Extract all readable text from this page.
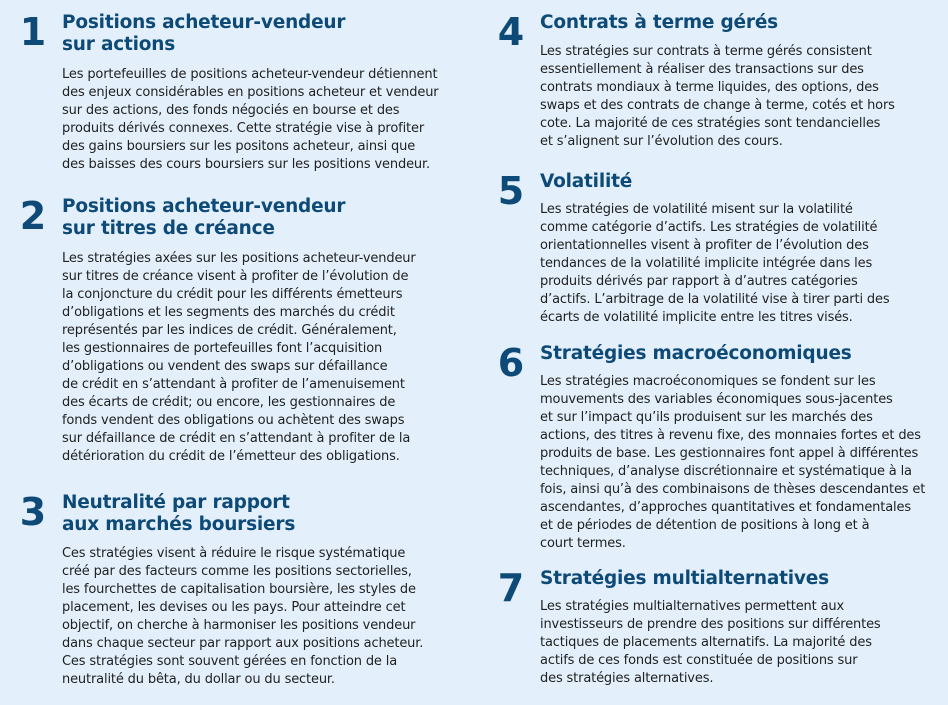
1 Positions acheteur-vendeur
sur actions
Les portefeuilles de positions acheteur-vendeur détiennent
des enjeux considérables en positions acheteur et vendeur
sur des actions, des fonds négociés en bourse et des
produits dérivés connexes. Cette stratégie vise à profiter
des gains boursiers sur les positons acheteur, ainsi que
des baisses des cours boursiers sur les positions vendeur.
2 Positions acheteur-vendeur
sur titres de créance
Les stratégies axées sur les positions acheteur-vendeur
sur titres de créance visent à profiter de l’évolution de
la conjoncture du crédit pour les différents émetteurs
d’obligations et les segments des marchés du crédit
représentés par les indices de crédit. Généralement,
les gestionnaires de portefeuilles font l’acquisition
d’obligations ou vendent des swaps sur défaillance
de crédit en s’attendant à profiter de l’amenuisement
des écarts de crédit; ou encore, les gestionnaires de
fonds vendent des obligations ou achètent des swaps
sur défaillance de crédit en s’attendant à profiter de la
détérioration du crédit de l’émetteur des obligations.
3 Neutralité par rapport
aux marchés boursiers
Ces stratégies visent à réduire le risque systématique
créé par des facteurs comme les positions sectorielles,
les fourchettes de capitalisation boursière, les styles de
placement, les devises ou les pays. Pour atteindre cet
objectif, on cherche à harmoniser les positions vendeur
dans chaque secteur par rapport aux positions acheteur.
Ces stratégies sont souvent gérées en fonction de la
neutralité du bêta, du dollar ou du secteur.
4 Contrats à terme gérés
Les stratégies sur contrats à terme gérés consistent
essentiellement à réaliser des transactions sur des
contrats mondiaux à terme liquides, des options, des
swaps et des contrats de change à terme, cotés et hors
cote. La majorité de ces stratégies sont tendancielles
et s’alignent sur l’évolution des cours.
5 Volatilité
Les stratégies de volatilité misent sur la volatilité
comme catégorie d’actifs. Les stratégies de volatilité
orientationnelles visent à profiter de l’évolution des
tendances de la volatilité implicite intégrée dans les
produits dérivés par rapport à d’autres catégories
d’actifs. L’arbitrage de la volatilité vise à tirer parti des
écarts de volatilité implicite entre les titres visés.
6 Stratégies macroéconomiques
Les stratégies macroéconomiques se fondent sur les
mouvements des variables économiques sous-jacentes
et sur l’impact qu’ils produisent sur les marchés des
actions, des titres à revenu fixe, des monnaies fortes et des
produits de base. Les gestionnaires font appel à différentes
techniques, d’analyse discrétionnaire et systématique à la
fois, ainsi qu’à des combinaisons de thèses descendantes et
ascendantes, d’approches quantitatives et fondamentales
et de périodes de détention de positions à long et à
court termes.
7 Stratégies multialternatives
Les stratégies multialternatives permettent aux
investisseurs de prendre des positions sur différentes
tactiques de placements alternatifs. La majorité des
actifs de ces fonds est constituée de positions sur
des stratégies alternatives.
